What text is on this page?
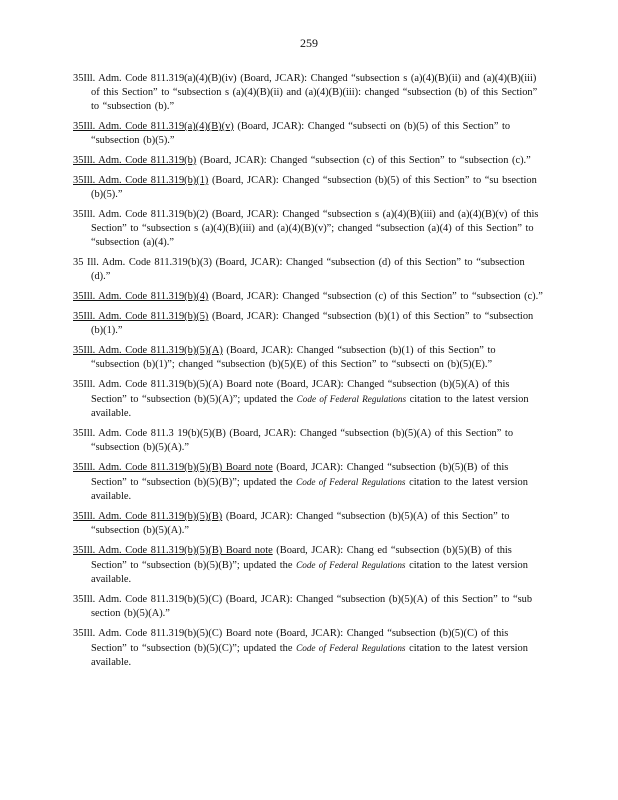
259

35Ill. Adm. Code 811.319(a)(4)(B)(iv) (Board, JCAR): Changed “subsection s (a)(4)(B)(ii) and (a)(4)(B)(iii) of this Section” to “subsection s (a)(4)(B)(ii) and (a)(4)(B)(iii): changed “subsection (b) of this Section” to “subsection (b).”

35Ill. Adm. Code 811.319(a)(4)(B)(v) (Board, JCAR): Changed “subsecti on (b)(5) of this Section” to “subsection (b)(5).”

35Ill. Adm. Code 811.319(b) (Board, JCAR): Changed “subsection (c) of this Section” to “subsection (c).”

35Ill. Adm. Code 811.319(b)(1) (Board, JCAR): Changed “subsection (b)(5) of this Section” to “su bsection (b)(5).”

35Ill. Adm. Code 811.319(b)(2) (Board, JCAR): Changed “subsection s (a)(4)(B)(iii) and (a)(4)(B)(v) of this Section” to “subsection s (a)(4)(B)(iii) and (a)(4)(B)(v)”; changed “subsection (a)(4) of this Section” to “subsection (a)(4).”

35 Ill. Adm. Code 811.319(b)(3) (Board, JCAR): Changed “subsection (d) of this Section” to “subsection (d).”

35Ill. Adm. Code 811.319(b)(4) (Board, JCAR): Changed “subsection (c) of this Section” to “subsection (c).”

35Ill. Adm. Code 811.319(b)(5) (Board, JCAR): Changed “subsection (b)(1) of this Section” to “subsection (b)(1).”

35Ill. Adm. Code 811.319(b)(5)(A) (Board, JCAR): Changed “subsection (b)(1) of this Section” to “subsection (b)(1)”; changed “subsection (b)(5)(E) of this Section” to “subsecti on (b)(5)(E).”

35Ill. Adm. Code 811.319(b)(5)(A) Board note (Board, JCAR): Changed “subsection (b)(5)(A) of this Section” to “subsection (b)(5)(A)”; updated the Code of Federal Regulations citation to the latest version available.

35Ill. Adm. Code 811.3 19(b)(5)(B) (Board, JCAR): Changed “subsection (b)(5)(A) of this Section” to “subsection (b)(5)(A).”

35Ill. Adm. Code 811.319(b)(5)(B) Board note (Board, JCAR): Changed “subsection (b)(5)(B) of this Section” to “subsection (b)(5)(B)”; updated the Code of Federal Regulations citation to the latest version available.

35Ill. Adm. Code 811.319(b)(5)(B) (Board, JCAR): Changed “subsection (b)(5)(A) of this Section” to “subsection (b)(5)(A).”

35Ill. Adm. Code 811.319(b)(5)(B) Board note (Board, JCAR): Chang ed “subsection (b)(5)(B) of this Section” to “subsection (b)(5)(B)”; updated the Code of Federal Regulations citation to the latest version available.

35Ill. Adm. Code 811.319(b)(5)(C) (Board, JCAR): Changed “subsection (b)(5)(A) of this Section” to “sub section (b)(5)(A).”

35Ill. Adm. Code 811.319(b)(5)(C) Board note (Board, JCAR): Changed “subsection (b)(5)(C) of this Section” to “subsection (b)(5)(C)”; updated the Code of Federal Regulations citation to the latest version available.
